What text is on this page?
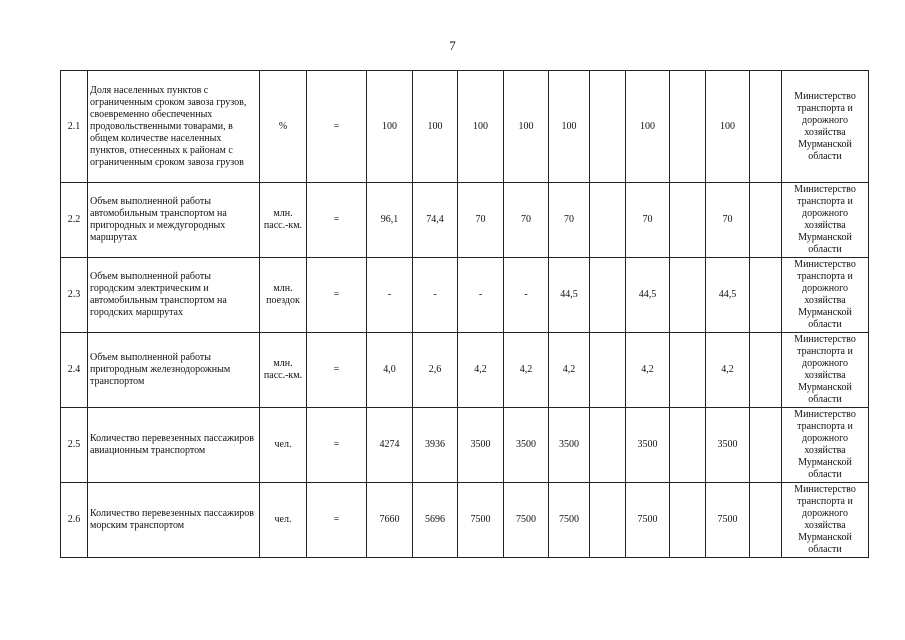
7
2.1	Доля населенных пунктов с ограниченным сроком завоза грузов, своевременно обеспеченных продовольственными товарами, в общем количестве населенных пунктов, отнесенных к районам с ограниченным сроком завоза грузов	%	=	100	100	100	100	100		100		100		Министерство транспорта и дорожного хозяйства Мурманской области
2.2	Объем выполненной работы автомобильным транспортом на пригородных и междугородных маршрутах	млн. пасс.-км.	=	96,1	74,4	70	70	70		70		70		Министерство транспорта и дорожного хозяйства Мурманской области
2.3	Объем выполненной работы городским электрическим и автомобильным транспортом на городских маршрутах	млн. поездок	=	-	-	-	-	44,5		44,5		44,5		Министерство транспорта и дорожного хозяйства Мурманской области
2.4	Объем выполненной работы пригородным железнодорожным транспортом	млн. пасс.-км.	=	4,0	2,6	4,2	4,2	4,2		4,2		4,2		Министерство транспорта и дорожного хозяйства Мурманской области
2.5	Количество перевезенных пассажиров авиационным транспортом	чел.	=	4274	3936	3500	3500	3500		3500		3500		Министерство транспорта и дорожного хозяйства Мурманской области
2.6	Количество перевезенных пассажиров морским транспортом	чел.	=	7660	5696	7500	7500	7500		7500		7500		Министерство транспорта и дорожного хозяйства Мурманской области
